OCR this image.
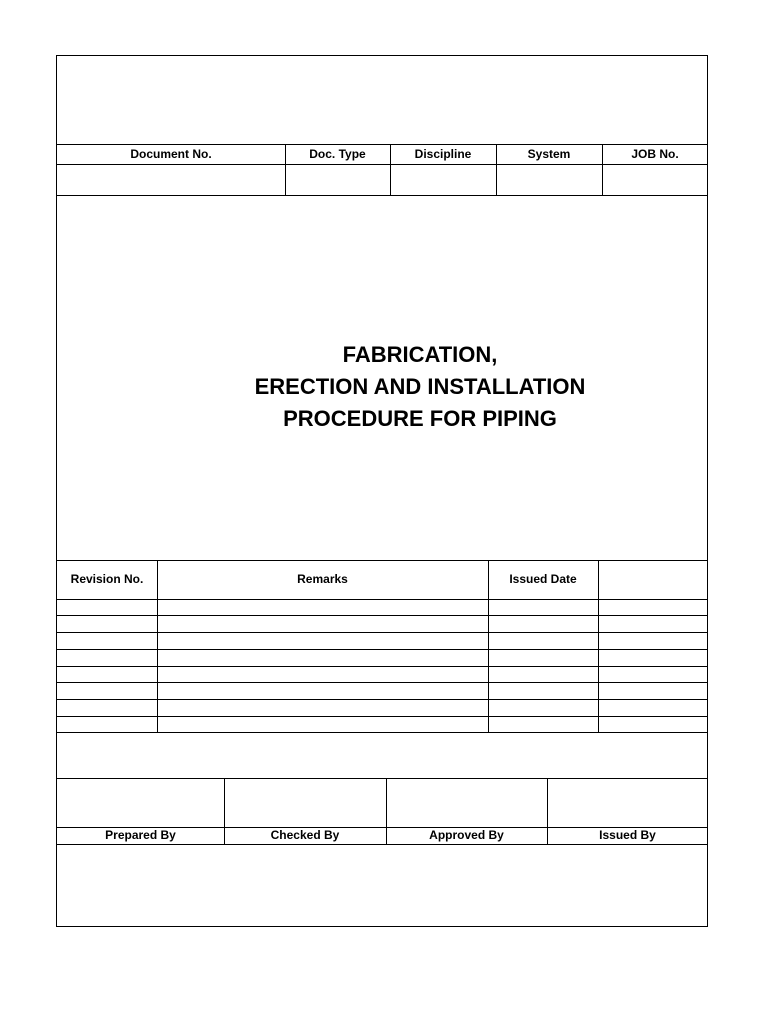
Document No.	Doc. Type	Discipline	System	JOB No.
FABRICATION,
ERECTION AND INSTALLATION
PROCEDURE FOR PIPING
Revision No.	Remarks	Issued Date
Prepared By	Checked By	Approved By	Issued By
